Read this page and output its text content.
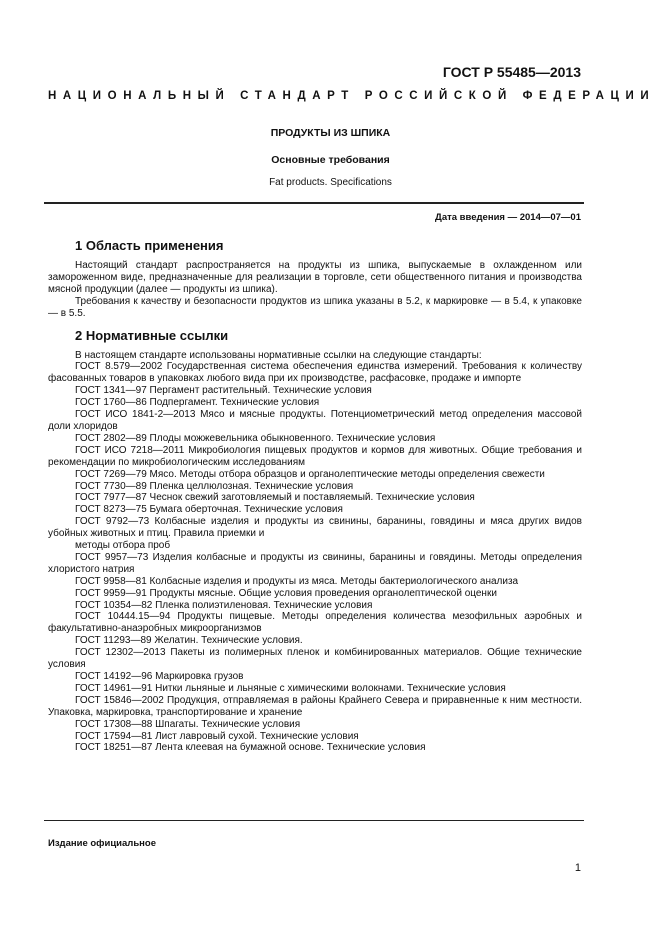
ГОСТ Р 55485—2013
НАЦИОНАЛЬНЫЙ СТАНДАРТ РОССИЙСКОЙ ФЕДЕРАЦИИ
ПРОДУКТЫ ИЗ ШПИКА
Основные требования
Fat products. Specifications
Дата введения — 2014—07—01
1 Область применения

Настоящий стандарт распространяется на продукты из шпика, выпускаемые в охлажденном или замороженном виде, предназначенные для реализации в торговле, сети общественного питания и производства мясной продукции (далее — продукты из шпика).

Требования к качеству и безопасности продуктов из шпика указаны в 5.2, к маркировке — в 5.4, к упаковке — в 5.5.

2 Нормативные ссылки

В настоящем стандарте использованы нормативные ссылки на следующие стандарты:

ГОСТ 8.579—2002 Государственная система обеспечения единства измерений. Требования к количеству фасованных товаров в упаковках любого вида при их производстве, расфасовке, продаже и импорте

ГОСТ 1341—97 Пергамент растительный. Технические условия

ГОСТ 1760—86 Подпергамент. Технические условия

ГОСТ ИСО 1841-2—2013 Мясо и мясные продукты. Потенциометрический метод определения массовой доли хлоридов

ГОСТ 2802—89 Плоды можжевельника обыкновенного. Технические условия

ГОСТ ИСО 7218—2011 Микробиология пищевых продуктов и кормов для животных. Общие требования и рекомендации по микробиологическим исследованиям

ГОСТ 7269—79 Мясо. Методы отбора образцов и органолептические методы определения свежести

ГОСТ 7730—89 Пленка целлюлозная. Технические условия

ГОСТ 7977—87 Чеснок свежий заготовляемый и поставляемый. Технические условия

ГОСТ 8273—75 Бумага оберточная. Технические условия

ГОСТ 9792—73 Колбасные изделия и продукты из свинины, баранины, говядины и мяса других видов убойных животных и птиц. Правила приемки и

методы отбора проб

ГОСТ 9957—73 Изделия колбасные и продукты из свинины, баранины и говядины. Методы определения хлористого натрия

ГОСТ 9958—81 Колбасные изделия и продукты из мяса. Методы бактериологического анализа

ГОСТ 9959—91 Продукты мясные. Общие условия проведения органолептической оценки

ГОСТ 10354—82 Пленка полиэтиленовая. Технические условия

ГОСТ 10444.15—94 Продукты пищевые. Методы определения количества мезофильных аэробных и факультативно-анаэробных микроорганизмов

ГОСТ 11293—89 Желатин. Технические условия.

ГОСТ 12302—2013 Пакеты из полимерных пленок и комбинированных материалов. Общие технические условия

ГОСТ 14192—96 Маркировка грузов

ГОСТ 14961—91 Нитки льняные и льняные с химическими волокнами. Технические условия

ГОСТ 15846—2002 Продукция, отправляемая в районы Крайнего Севера и приравненные к ним местности. Упаковка, маркировка, транспортирование и хранение

ГОСТ 17308—88 Шпагаты. Технические условия

ГОСТ 17594—81 Лист лавровый сухой. Технические условия

ГОСТ 18251—87 Лента клеевая на бумажной основе. Технические условия

Издание официальное
1
